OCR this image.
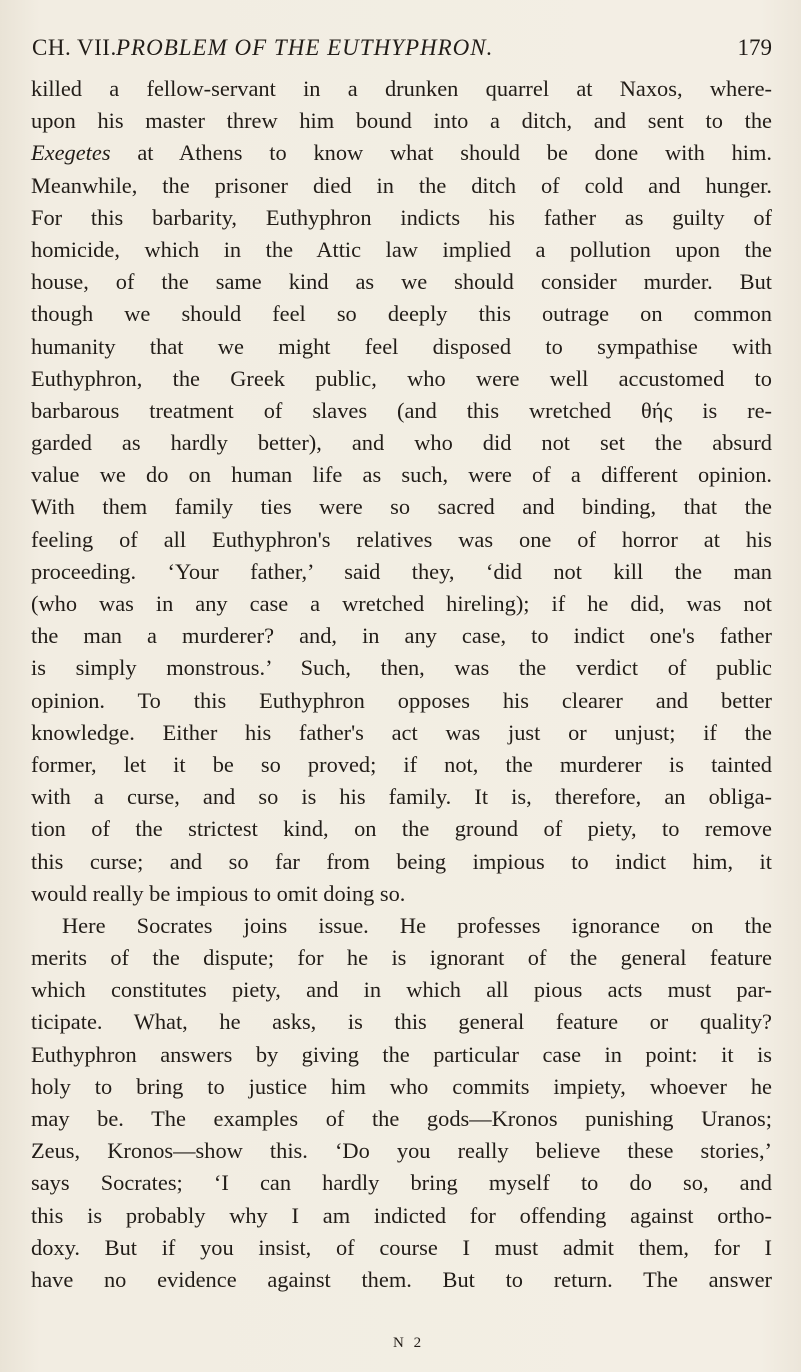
CH. VII. PROBLEM OF THE EUTHYPHRON.	179
killed a fellow-servant in a drunken quarrel at Naxos, where-
upon his master threw him bound into a ditch, and sent to the
Exegetes at Athens to know what should be done with him.
Meanwhile, the prisoner died in the ditch of cold and hunger.
For this barbarity, Euthyphron indicts his father as guilty of
homicide, which in the Attic law implied a pollution upon the
house, of the same kind as we should consider murder. But
though we should feel so deeply this outrage on common
humanity that we might feel disposed to sympathise with
Euthyphron, the Greek public, who were well accustomed to
barbarous treatment of slaves (and this wretched θής is re-
garded as hardly better), and who did not set the absurd
value we do on human life as such, were of a different opinion.
With them family ties were so sacred and binding, that the
feeling of all Euthyphron's relatives was one of horror at his
proceeding. ‘Your father,’ said they, ‘did not kill the man
(who was in any case a wretched hireling); if he did, was not
the man a murderer? and, in any case, to indict one's father
is simply monstrous.’ Such, then, was the verdict of public
opinion. To this Euthyphron opposes his clearer and better
knowledge. Either his father's act was just or unjust; if the
former, let it be so proved; if not, the murderer is tainted
with a curse, and so is his family. It is, therefore, an obliga-
tion of the strictest kind, on the ground of piety, to remove
this curse; and so far from being impious to indict him, it
would really be impious to omit doing so.
Here Socrates joins issue. He professes ignorance on the
merits of the dispute; for he is ignorant of the general feature
which constitutes piety, and in which all pious acts must par-
ticipate. What, he asks, is this general feature or quality?
Euthyphron answers by giving the particular case in point: it is
holy to bring to justice him who commits impiety, whoever he
may be. The examples of the gods—Kronos punishing Uranos;
Zeus, Kronos—show this. ‘Do you really believe these stories,’
says Socrates; ‘I can hardly bring myself to do so, and
this is probably why I am indicted for offending against ortho-
doxy. But if you insist, of course I must admit them, for I
have no evidence against them. But to return. The answer
N 2
